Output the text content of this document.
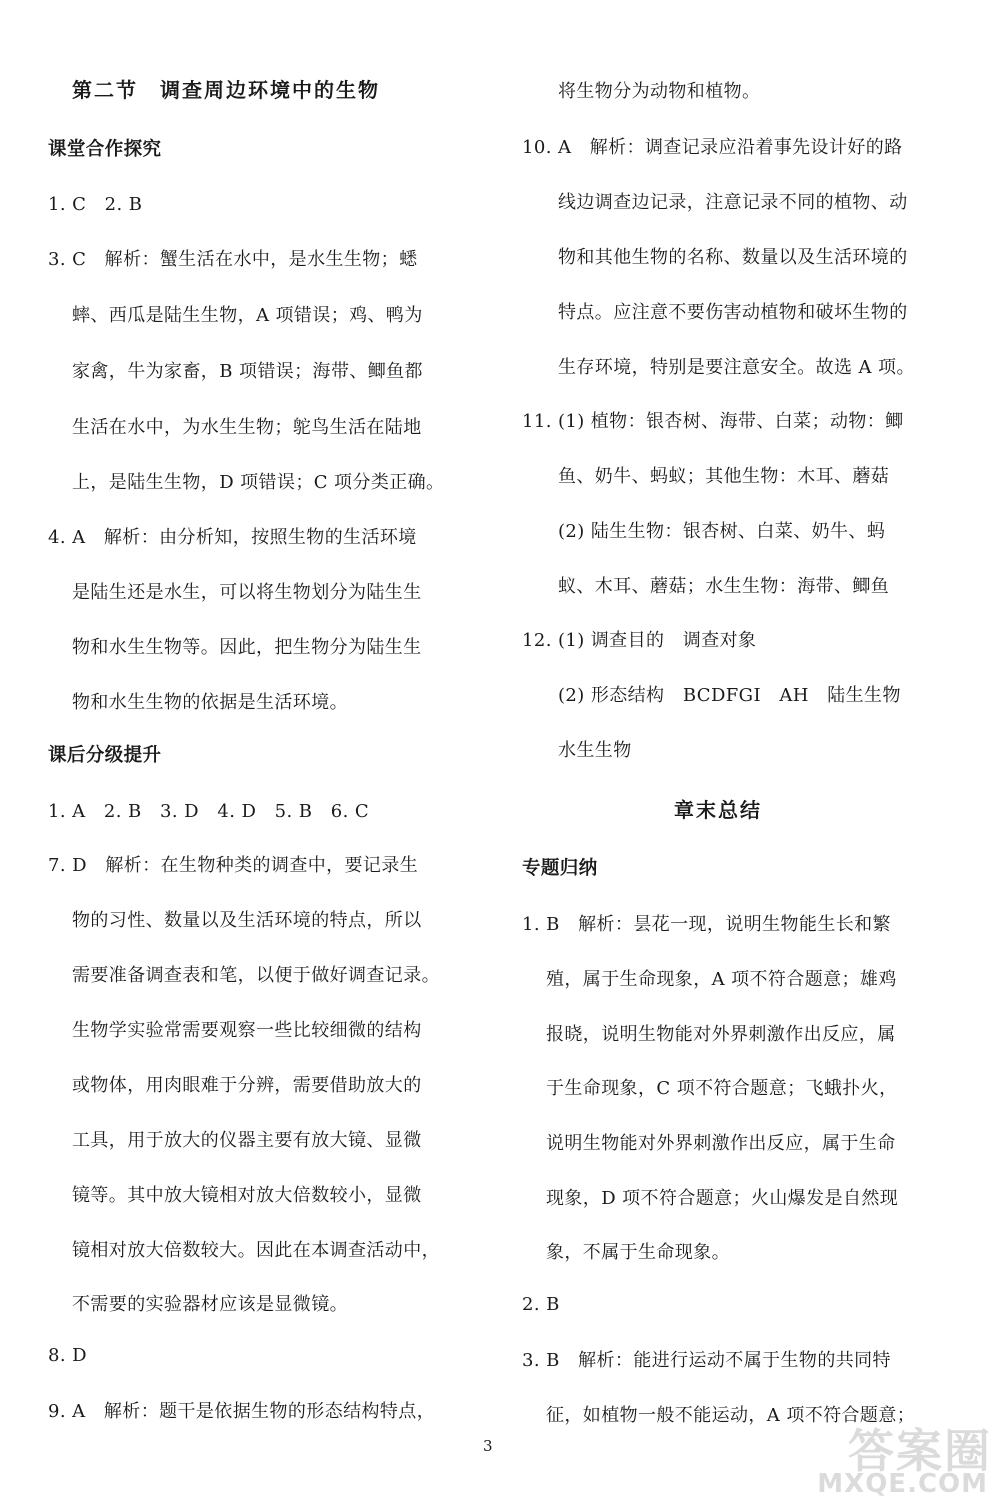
第二节　调查周边环境中的生物
课堂合作探究
1. C　2. B
3. C　解析：蟹生活在水中，是水生生物；蟋
蟀、西瓜是陆生生物，A 项错误；鸡、鸭为
家禽，牛为家畜，B 项错误；海带、鲫鱼都
生活在水中，为水生生物；鸵鸟生活在陆地
上，是陆生生物，D 项错误；C 项分类正确。
4. A　解析：由分析知，按照生物的生活环境
是陆生还是水生，可以将生物划分为陆生生
物和水生生物等。因此，把生物分为陆生生
物和水生生物的依据是生活环境。
课后分级提升
1. A　2. B　3. D　4. D　5. B　6. C
7. D　解析：在生物种类的调查中，要记录生
物的习性、数量以及生活环境的特点，所以
需要准备调查表和笔，以便于做好调查记录。
生物学实验常需要观察一些比较细微的结构
或物体，用肉眼难于分辨，需要借助放大的
工具，用于放大的仪器主要有放大镜、显微
镜等。其中放大镜相对放大倍数较小，显微
镜相对放大倍数较大。因此在本调查活动中，
不需要的实验器材应该是显微镜。
8. D
9. A　解析：题干是依据生物的形态结构特点，
将生物分为动物和植物。
10. A　解析：调查记录应沿着事先设计好的路
线边调查边记录，注意记录不同的植物、动
物和其他生物的名称、数量以及生活环境的
特点。应注意不要伤害动植物和破坏生物的
生存环境，特别是要注意安全。故选 A 项。
11. (1) 植物：银杏树、海带、白菜；动物：鲫
鱼、奶牛、蚂蚁；其他生物：木耳、蘑菇
(2) 陆生生物：银杏树、白菜、奶牛、蚂
蚁、木耳、蘑菇；水生生物：海带、鲫鱼
12. (1) 调查目的　调查对象
(2) 形态结构　BCDFGI　AH　陆生生物
水生生物
章末总结
专题归纳
1. B　解析：昙花一现，说明生物能生长和繁
殖，属于生命现象，A 项不符合题意；雄鸡
报晓，说明生物能对外界刺激作出反应，属
于生命现象，C 项不符合题意；飞蛾扑火，
说明生物能对外界刺激作出反应，属于生命
现象，D 项不符合题意；火山爆发是自然现
象，不属于生命现象。
2. B
3. B　解析：能进行运动不属于生物的共同特
征，如植物一般不能运动，A 项不符合题意；
3	答案圈
MXQE.COM
